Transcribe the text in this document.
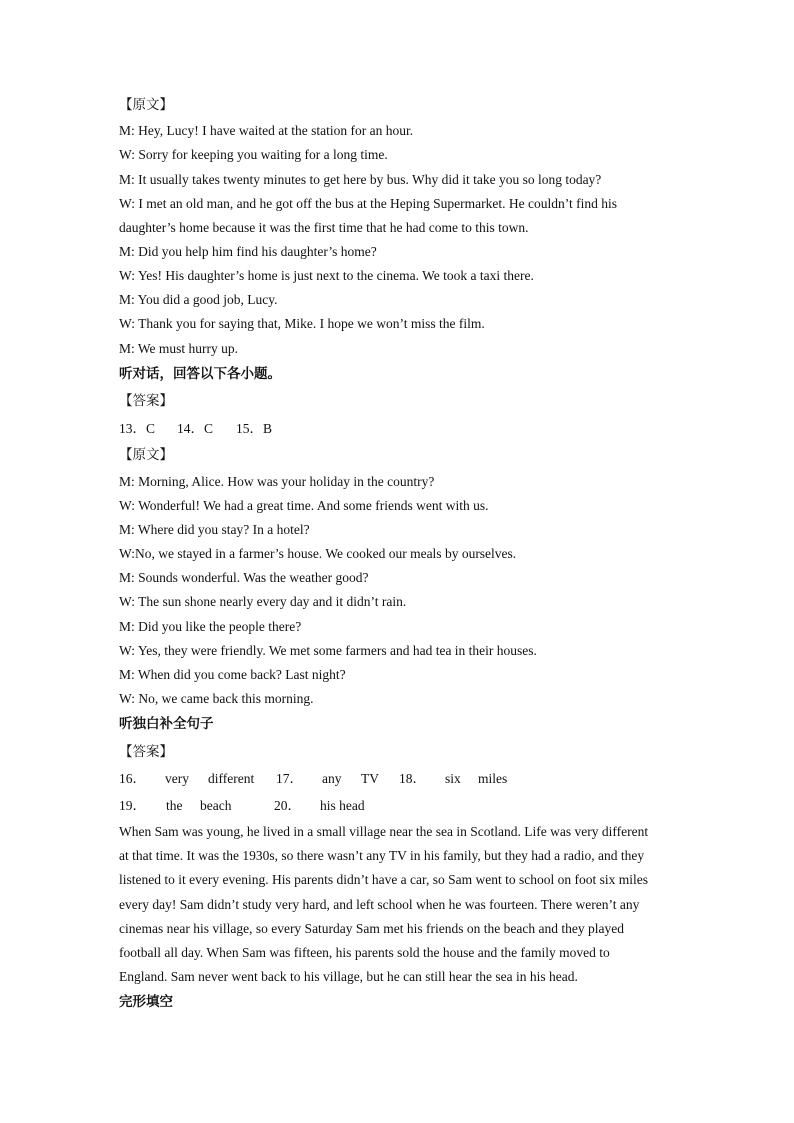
【原文】
M: Hey, Lucy! I have waited at the station for an hour.
W: Sorry for keeping you waiting for a long time.
M: It usually takes twenty minutes to get here by bus. Why did it take you so long today?
W: I met an old man, and he got off the bus at the Heping Supermarket. He couldn’t find his
daughter’s home because it was the first time that he had come to this town.
M: Did you help him find his daughter’s home?
W: Yes! His daughter’s home is just next to the cinema. We took a taxi there.
M: You did a good job, Lucy.
W: Thank you for saying that, Mike. I hope we won’t miss the film.
M: We must hurry up.
听对话，回答以下各小题。
【答案】
13．C 14．C 15．B
【原文】
M: Morning, Alice. How was your holiday in the country?
W: Wonderful! We had a great time. And some friends went with us.
M: Where did you stay? In a hotel?
W:No, we stayed in a farmer’s house. We cooked our meals by ourselves.
M: Sounds wonderful. Was the weather good?
W: The sun shone nearly every day and it didn’t rain.
M: Did you like the people there?
W: Yes, they were friendly. We met some farmers and had tea in their houses.
M: When did you come back? Last night?
W: No, we came back this morning.
听独白补全句子
【答案】
16． very different 17． any TV 18． six miles
19． the beach	20． his head
When Sam was young, he lived in a small village near the sea in Scotland. Life was very different
at that time. It was the 1930s, so there wasn’t any TV in his family, but they had a radio, and they
listened to it every evening. His parents didn’t have a car, so Sam went to school on foot six miles
every day! Sam didn’t study very hard, and left school when he was fourteen. There weren’t any
cinemas near his village, so every Saturday Sam met his friends on the beach and they played
football all day. When Sam was fifteen, his parents sold the house and the family moved to
England. Sam never went back to his village, but he can still hear the sea in his head.
完形填空
